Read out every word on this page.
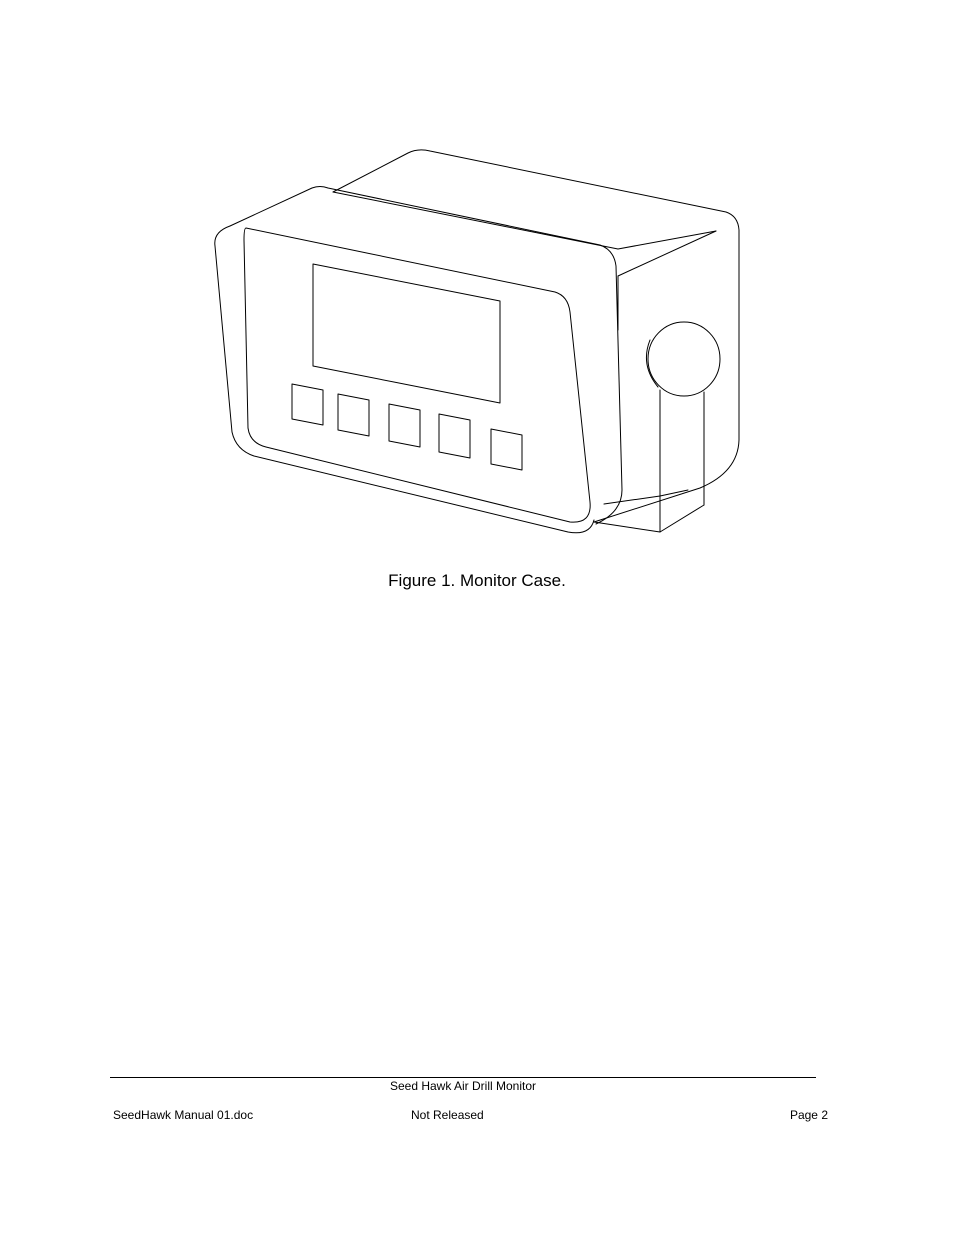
Figure 1. Monitor Case.
Seed Hawk Air Drill Monitor
SeedHawk Manual 01.doc	Not Released	Page 2
